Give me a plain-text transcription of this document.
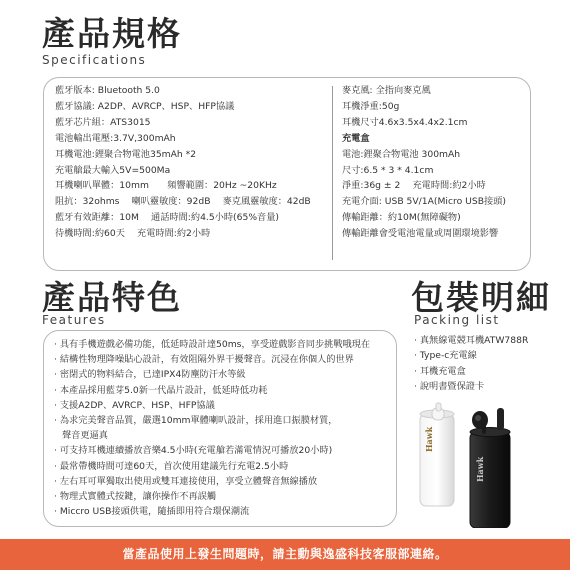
產品規格
Specifications
藍牙版本: Bluetooth 5.0
藍牙協議: A2DP、AVRCP、HSP、HFP協議
藍牙芯片組：ATS3015
電池輸出電壓:3.7V,300mAh
耳機電池:鋰聚合物電池35mAh *2
充電艙最大輸入5V=500Ma
耳機喇叭單體：10mm　　頻響範圍：20Hz ~20KHz
阻抗：32ohms　 喇叭靈敏度：92dB　 麥克風靈敏度：42dB
藍牙有效距離：10M　 通話時間:約4.5小時(65%音量)
待機時間:約60天　 充電時間:約2小時
麥克風: 全指向麥克風
耳機淨重:50g
耳機尺寸4.6x3.5x4.4x2.1cm
充電盒
電池:鋰聚合物電池 300mAh
尺寸:6.5 * 3 * 4.1cm
淨重:36g ± 2　 充電時間:約2小時
充電介面: USB 5V/1A(Micro USB接頭)
傳輸距離：約10M(無障礙物)
傳輸距離會受電池電量或周圍環境影響
產品特色
Features
包裝明細
Packing list
· 具有手機遊戲必備功能，低延時設計達50ms，享受遊戲影音同步挑戰哦現在
· 結構性物理降噪貼心設計，有效阻隔外界干擾聲音。沉浸在你個人的世界
· 密閉式的物料結合，已達IPX4防塵防汗水等級
· 本產品採用藍芽5.0新一代晶片設計，低延時低功耗
· 支援A2DP、AVRCP、HSP、HFP協議
· 為求完美聲音品質，嚴選10mm單體喇叭設計，採用進口振膜材質，
聲音更逼真
· 可支持耳機連續播放音樂4.5小時(充電艙若滿電情況可播放20小時)
· 最常帶機時間可達60天，首次使用建議先行充電2.5小時
· 左右耳可單獨取出使用或雙耳連接使用，享受立體聲音無線播放
· 物理式實體式按鍵，讓你操作不再誤觸
· Miccro USB接頭供電，隨插即用符合環保潮流
· 真無線電競耳機ATW788R
· Type-c充電線
· 耳機充電盒
· 說明書暨保證卡
Hawk
Hawk
當產品使用上發生問題時，請主動與逸盛科技客服部連絡。
